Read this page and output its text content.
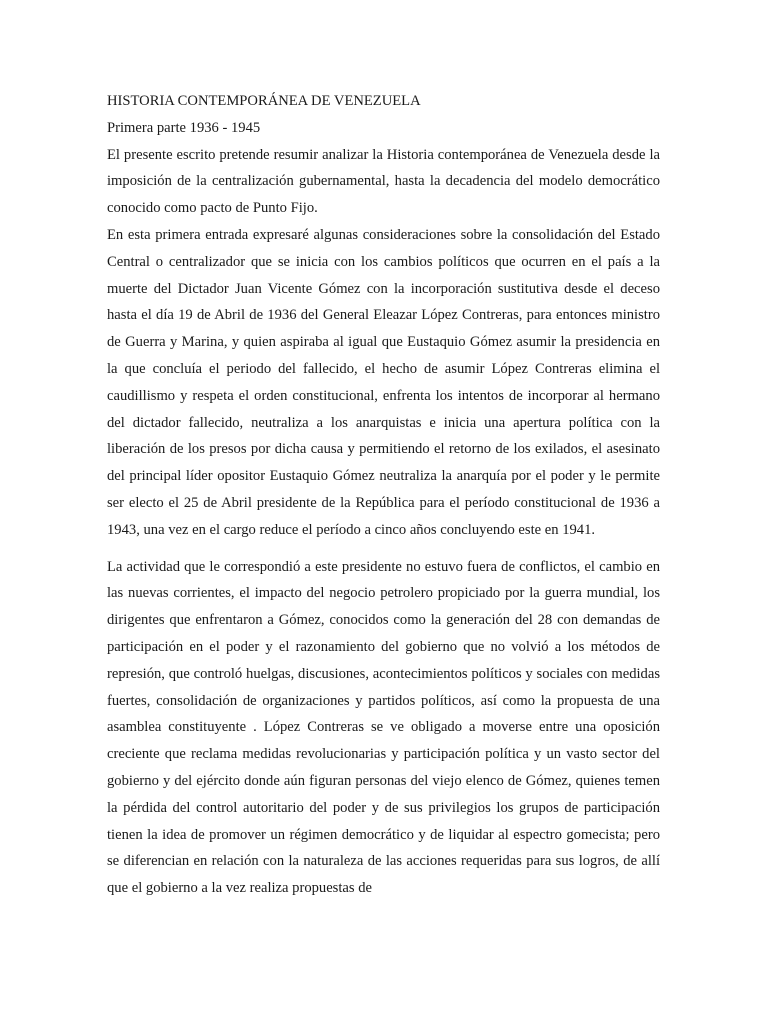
HISTORIA CONTEMPORÁNEA DE VENEZUELA

Primera parte 1936 - 1945

El presente escrito pretende resumir analizar la Historia contemporánea de Venezuela desde la imposición de la centralización gubernamental, hasta la decadencia del modelo democrático conocido como pacto de Punto Fijo.

En esta primera entrada expresaré algunas consideraciones sobre la consolidación del Estado Central o centralizador que se inicia con los cambios políticos que ocurren en el país a la muerte del Dictador Juan Vicente Gómez con la incorporación sustitutiva desde el deceso hasta el día 19 de Abril de 1936 del General Eleazar López Contreras, para entonces ministro de Guerra y Marina, y quien aspiraba al igual que Eustaquio Gómez asumir la presidencia en la que concluía el periodo del fallecido, el hecho de asumir López Contreras elimina el caudillismo y respeta el orden constitucional, enfrenta los intentos de incorporar al hermano del dictador fallecido, neutraliza a los anarquistas e inicia una apertura política con la liberación de los presos por dicha causa y permitiendo el retorno de los exilados, el asesinato del principal líder opositor Eustaquio Gómez neutraliza la anarquía por el poder y le permite ser electo el 25 de Abril presidente de la República para el período constitucional de 1936 a 1943, una vez en el cargo reduce el período a cinco años concluyendo este en 1941.

La actividad que le correspondió a este presidente no estuvo fuera de conflictos, el cambio en las nuevas corrientes, el impacto del negocio petrolero propiciado por la guerra mundial, los dirigentes que enfrentaron a Gómez, conocidos como la generación del 28 con demandas de participación en el poder y el razonamiento del gobierno que no volvió a los métodos de represión, que controló huelgas, discusiones, acontecimientos políticos y sociales con medidas fuertes, consolidación de organizaciones y partidos políticos, así como la propuesta de una asamblea constituyente . López Contreras se ve obligado a moverse entre una oposición creciente que reclama medidas revolucionarias y participación política y un vasto sector del gobierno y del ejército donde aún figuran personas del viejo elenco de Gómez, quienes temen la pérdida del control autoritario del poder y de sus privilegios los grupos de participación tienen la idea de promover un régimen democrático y de liquidar al espectro gomecista; pero se diferencian en relación con la naturaleza de las acciones requeridas para sus logros, de allí que el gobierno a la vez realiza propuestas de
